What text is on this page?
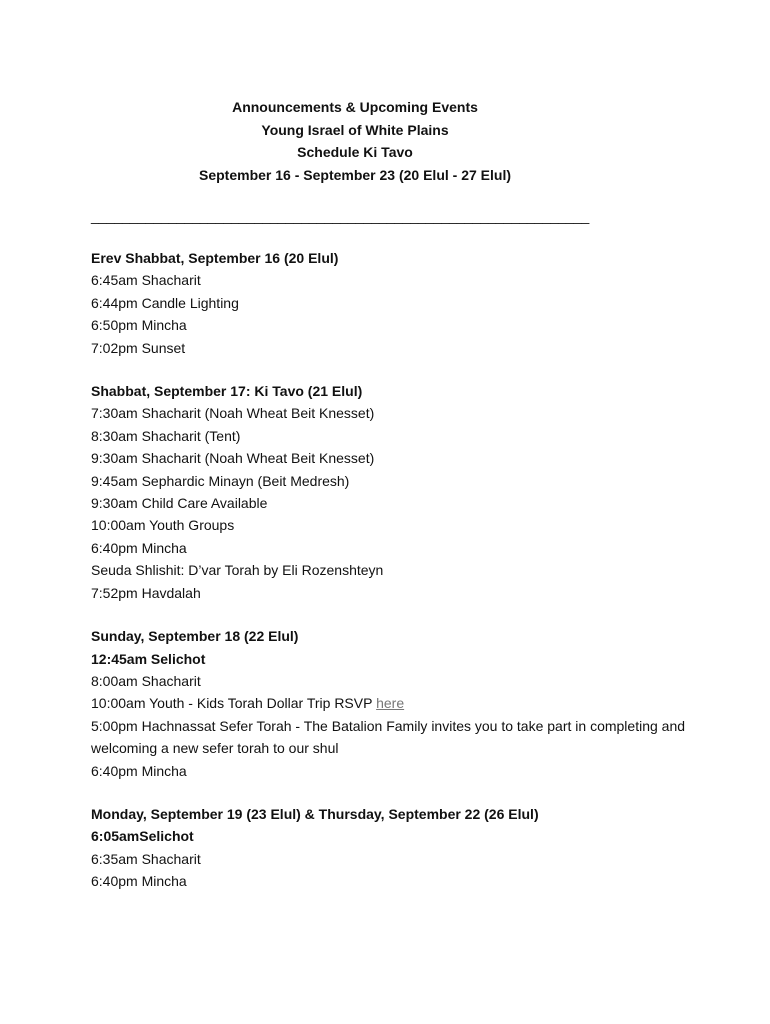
Announcements & Upcoming Events
Young Israel of White Plains
Schedule Ki Tavo
September 16 - September 23 (20 Elul - 27 Elul)
________________________________________________________________
Erev Shabbat, September 16 (20 Elul)
6:45am Shacharit
6:44pm Candle Lighting
6:50pm Mincha
7:02pm Sunset
Shabbat, September 17: Ki Tavo (21 Elul)
7:30am Shacharit (Noah Wheat Beit Knesset)
8:30am Shacharit (Tent)
9:30am Shacharit (Noah Wheat Beit Knesset)
9:45am Sephardic Minayn (Beit Medresh)
9:30am Child Care Available
10:00am Youth Groups
6:40pm Mincha
Seuda Shlishit: D’var Torah by Eli Rozenshteyn
7:52pm Havdalah
Sunday, September 18 (22 Elul)
12:45am Selichot
8:00am Shacharit
10:00am Youth - Kids Torah Dollar Trip RSVP here
5:00pm Hachnassat Sefer Torah - The Batalion Family invites you to take part in completing and welcoming a new sefer torah to our shul
6:40pm Mincha
Monday, September 19 (23 Elul) & Thursday, September 22 (26 Elul)
6:05amSelichot
6:35am Shacharit
6:40pm Mincha
